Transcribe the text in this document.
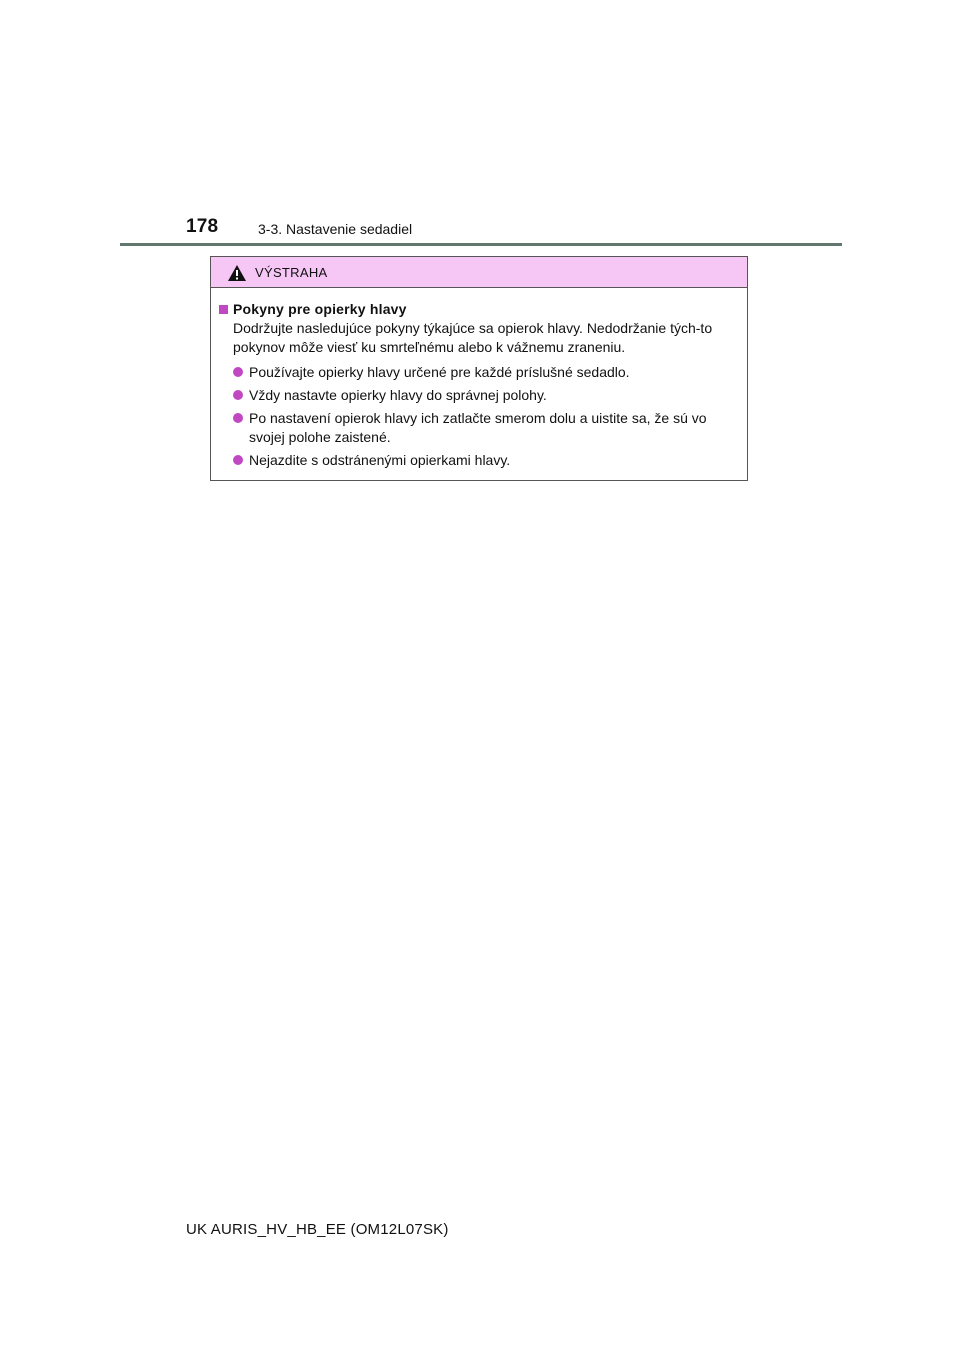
178	3-3. Nastavenie sedadiel
VÝSTRAHA
Pokyny pre opierky hlavy
Dodržujte nasledujúce pokyny týkajúce sa opierok hlavy. Nedodržanie tých-to pokynov môže viesť ku smrteľnému alebo k vážnemu zraneniu.
Používajte opierky hlavy určené pre každé príslušné sedadlo.
Vždy nastavte opierky hlavy do správnej polohy.
Po nastavení opierok hlavy ich zatlačte smerom dolu a uistite sa, že sú vo svojej polohe zaistené.
Nejazdite s odstránenými opierkami hlavy.
UK AURIS_HV_HB_EE (OM12L07SK)
